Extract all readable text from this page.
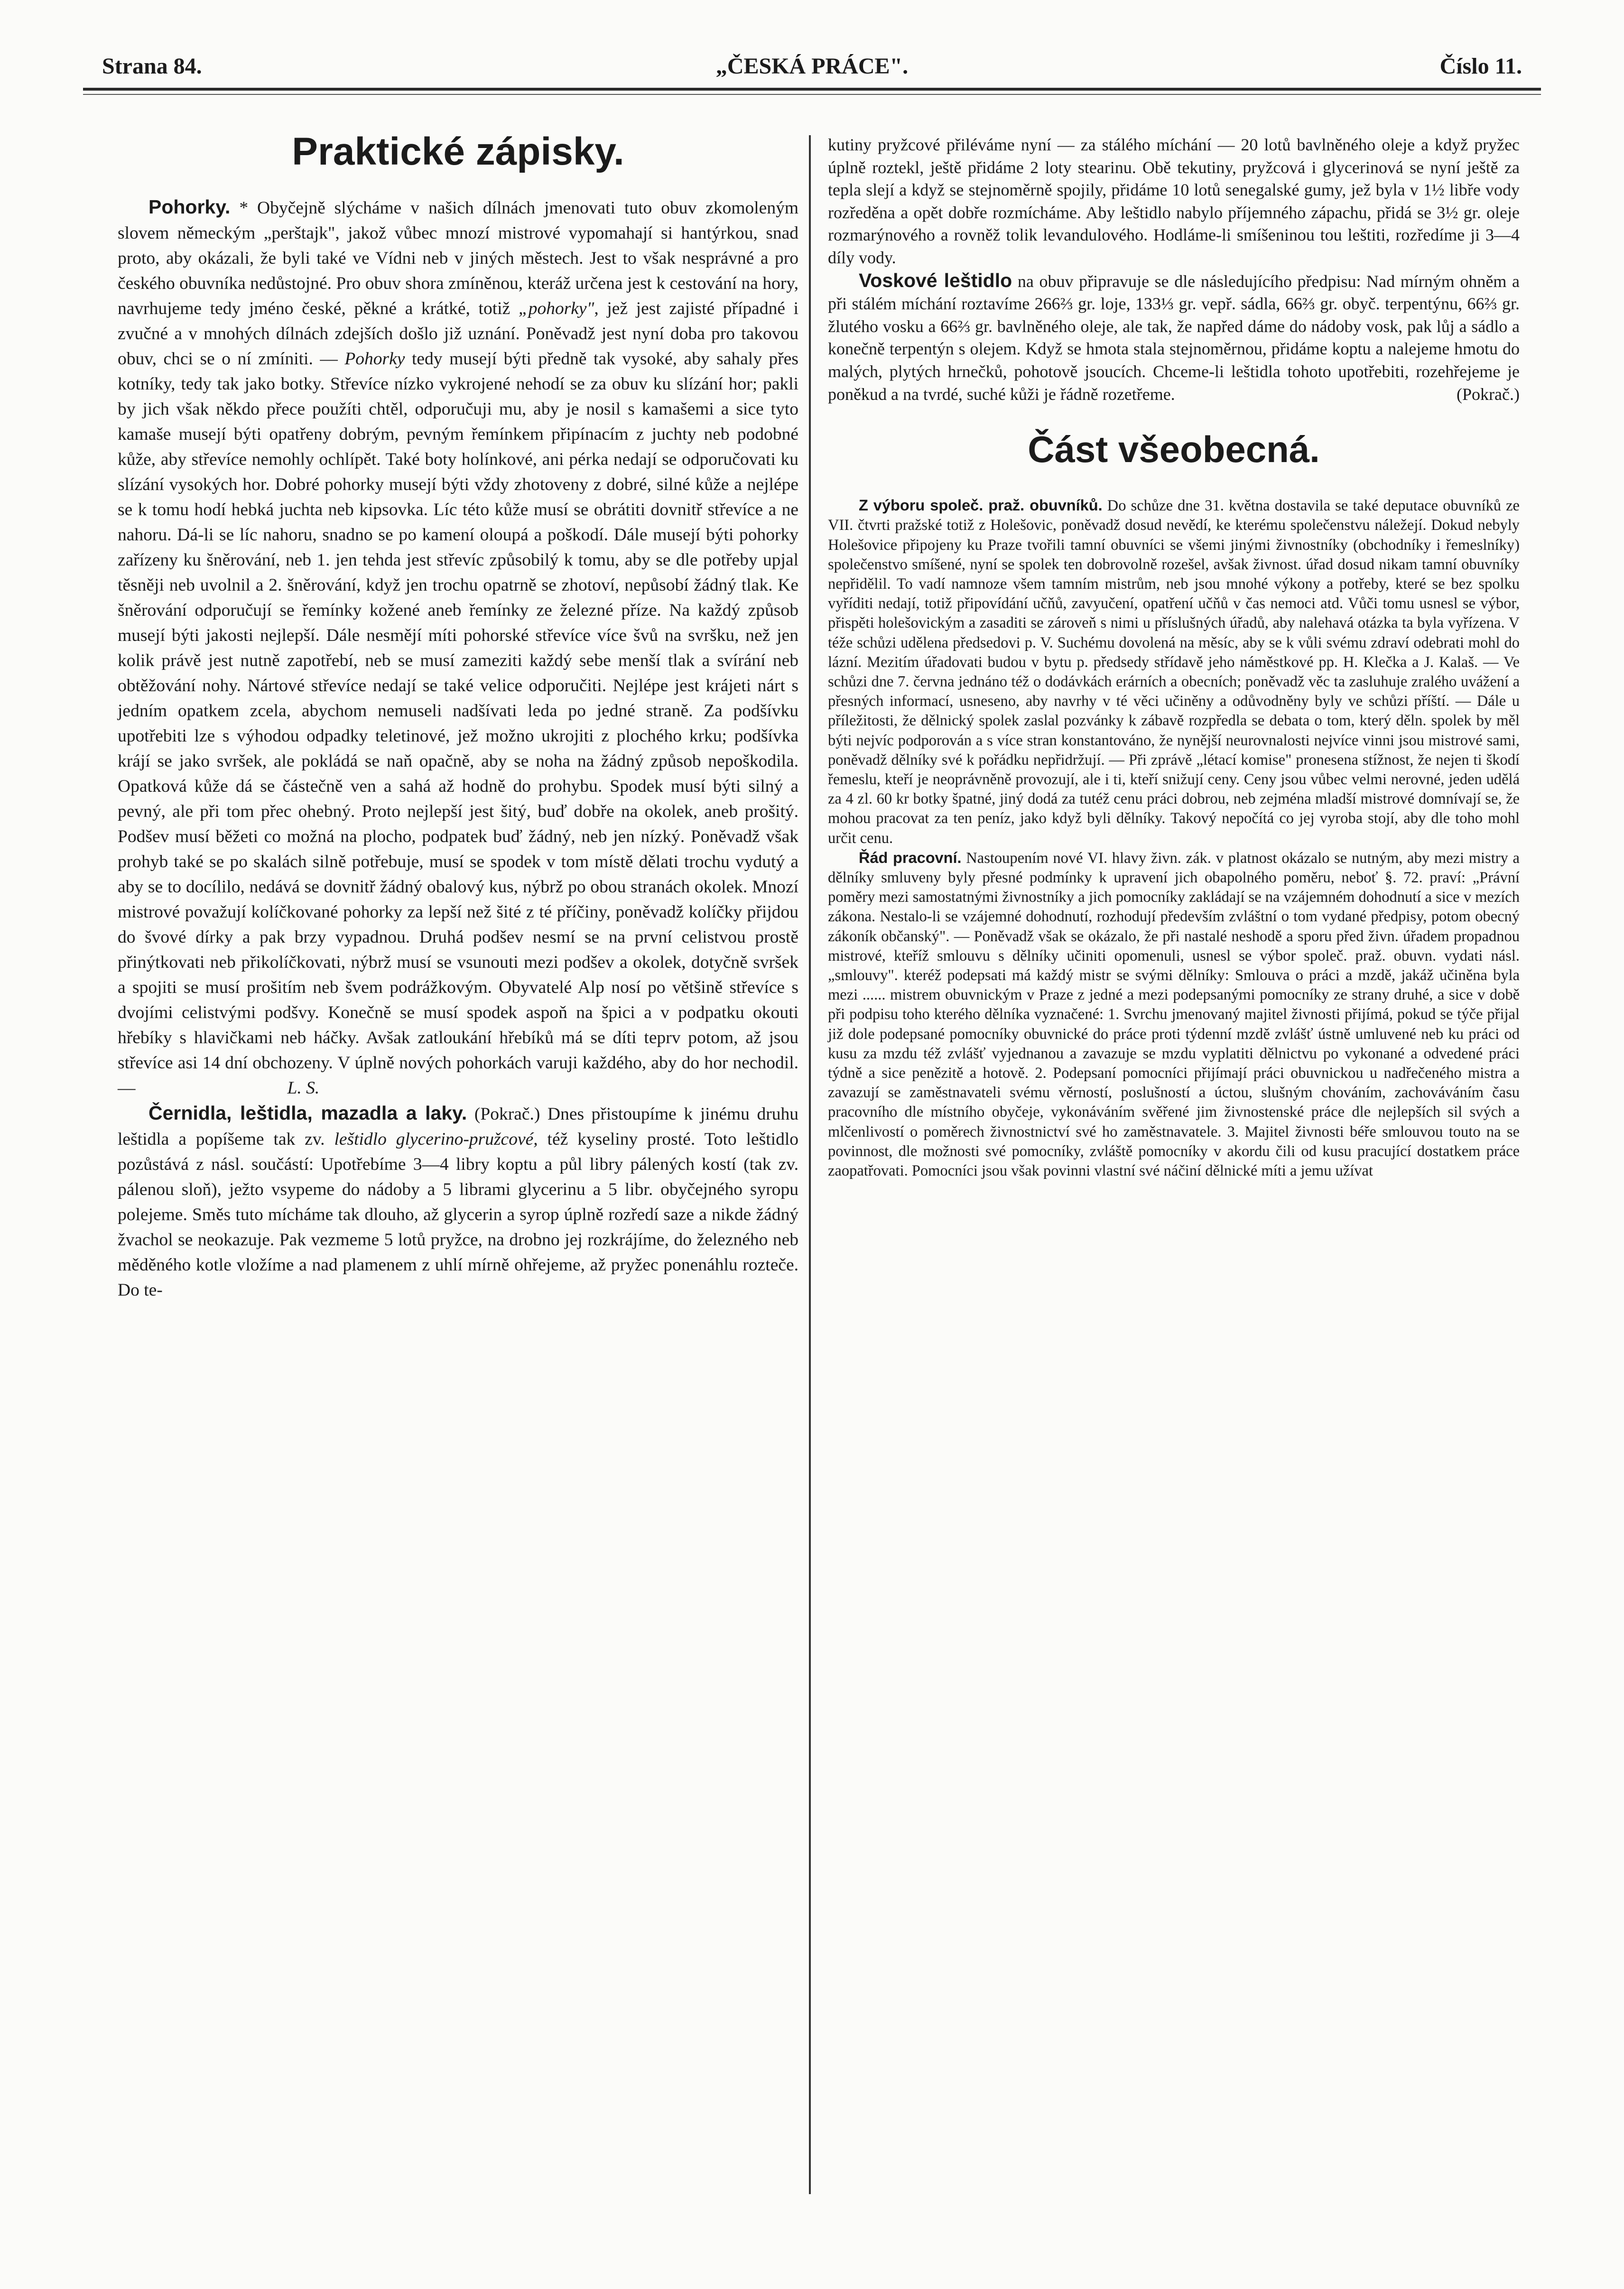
Strana 84.	„ČESKÁ PRÁCE".	Číslo 11.
Praktické zápisky.

Pohorky. * Obyčejně slýcháme v našich dílnách jmenovati tuto obuv zkomoleným slovem německým „perštajk", jakož vůbec mnozí mistrové vypomahají si hantýrkou, snad proto, aby okázali, že byli také ve Vídni neb v jiných městech. Jest to však nesprávné a pro českého obuvníka nedůstojné. Pro obuv shora zmíněnou, kteráž určena jest k cestování na hory, navrhujeme tedy jméno české, pěkné a krátké, totiž „pohorky", jež jest zajisté případné i zvučné a v mnohých dílnách zdejších došlo již uznání. Poněvadž jest nyní doba pro takovou obuv, chci se o ní zmíniti. — Pohorky tedy musejí býti předně tak vysoké, aby sahaly přes kotníky, tedy tak jako botky. Střevíce nízko vykrojené nehodí se za obuv ku slízání hor; pakli by jich však někdo přece použíti chtěl, odporučuji mu, aby je nosil s kamašemi a sice tyto kamaše musejí býti opatřeny dobrým, pevným řemínkem připínacím z juchty neb podobné kůže, aby střevíce nemohly ochlípět. Také boty holínkové, ani pérka nedají se odporučovati ku slízání vysokých hor. Dobré pohorky musejí býti vždy zhotoveny z dobré, silné kůže a nejlépe se k tomu hodí hebká juchta neb kipsovka. Líc této kůže musí se obrátiti dovnitř střevíce a ne nahoru. Dá-li se líc nahoru, snadno se po kamení oloupá a poškodí. Dále musejí býti pohorky zařízeny ku šněrování, neb 1. jen tehda jest střevíc způsobilý k tomu, aby se dle potřeby upjal těsněji neb uvolnil a 2. šněrování, když jen trochu opatrně se zhotoví, nepůsobí žádný tlak. Ke šněrování odporučují se řemínky kožené aneb řemínky ze železné příze. Na každý způsob musejí býti jakosti nejlepší. Dále nesmějí míti pohorské střevíce více švů na svršku, než jen kolik právě jest nutně zapotřebí, neb se musí zameziti každý sebe menší tlak a svírání neb obtěžování nohy. Nártové střevíce nedají se také velice odporučiti. Nejlépe jest krájeti nárt s jedním opatkem zcela, abychom nemuseli nadšívati leda po jedné straně. Za podšívku upotřebiti lze s výhodou odpadky teletinové, jež možno ukrojiti z plochého krku; podšívka krájí se jako svršek, ale pokládá se naň opačně, aby se noha na žádný způsob nepoškodila. Opatková kůže dá se částečně ven a sahá až hodně do prohybu. Spodek musí býti silný a pevný, ale při tom přec ohebný. Proto nejlepší jest šitý, buď dobře na okolek, aneb prošitý. Podšev musí běžeti co možná na plocho, podpatek buď žádný, neb jen nízký. Poněvadž však prohyb také se po skalách silně potřebuje, musí se spodek v tom místě dělati trochu vydutý a aby se to docílilo, nedává se dovnitř žádný obalový kus, nýbrž po obou stranách okolek. Mnozí mistrové považují kolíčkované pohorky za lepší než šité z té příčiny, poněvadž kolíčky přijdou do švové dírky a pak brzy vypadnou. Druhá podšev nesmí se na první celistvou prostě přinýtkovati neb přikolíčkovati, nýbrž musí se vsunouti mezi podšev a okolek, dotyčně svršek a spojiti se musí prošitím neb švem podrážkovým. Obyvatelé Alp nosí po většině střevíce s dvojími celistvými podšvy. Konečně se musí spodek aspoň na špici a v podpatku okouti hřebíky s hlavičkami neb háčky. Avšak zatloukání hřebíků má se díti teprv potom, až jsou střevíce asi 14 dní obchozeny. V úplně nových pohorkách varuji každého, aby do hor nechodil. —	L. S.

Černidla, leštidla, mazadla a laky. (Pokrač.) Dnes přistoupíme k jinému druhu leštidla a popíšeme tak zv. leštidlo glycerino-pružcové, též kyseliny prosté. Toto leštidlo pozůstává z násl. součástí: Upotřebíme 3—4 libry koptu a půl libry pálených kostí (tak zv. pálenou sloň), ježto vsypeme do nádoby a 5 librami glycerinu a 5 libr. obyčejného syropu polejeme. Směs tuto mícháme tak dlouho, až glycerin a syrop úplně rozředí saze a nikde žádný žvachol se neokazuje. Pak vezmeme 5 lotů pryžce, na drobno jej rozkrájíme, do železného neb měděného kotle vložíme a nad plamenem z uhlí mírně ohřejeme, až pryžec ponenáhlu roztеče. Do te-

kutiny pryžcové přiléváme nyní — za stálého míchání — 20 lotů bavlněného oleje a když pryžec úplně roztekl, ještě přidáme 2 loty stearinu. Obě tekutiny, pryžcová i glycerinová se nyní ještě za tepla slejí a když se stejnoměrně spojily, přidáme 10 lotů senegalské gumy, jež byla v 1½ libře vody rozředěna a opět dobře rozmícháme. Aby leštidlo nabylo příjemného zápachu, přidá se 3½ gr. oleje rozmarýnového a rovněž tolik levandulového. Hodláme-li smíšeninou tou leštiti, rozředíme ji 3—4 díly vody.

Voskové leštidlo na obuv připravuje se dle následujícího předpisu: Nad mírným ohněm a při stálém míchání roztavíme 266⅔ gr. loje, 133⅓ gr. vepř. sádla, 66⅔ gr. obyč. terpentýnu, 66⅔ gr. žlutého vosku a 66⅔ gr. bavlněného oleje, ale tak, že napřed dáme do nádoby vosk, pak lůj a sádlo a konečně terpentýn s olejem. Když se hmota stala stejnoměrnou, přidáme koptu a nalejeme hmotu do malých, plytých hrnečků, pohotově jsoucích. Chceme-li leštidla tohoto upotřebiti, rozehřejeme je poněkud a na tvrdé, suché kůži je řádně rozetřeme.	(Pokrač.)

Část všeobecná.

Z výboru společ. praž. obuvníků. Do schůze dne 31. května dostavila se také deputace obuvníků ze VII. čtvrti pražské totiž z Holešovic, poněvadž dosud nevědí, ke kterému společenstvu náležejí. Dokud nebyly Holešovice připojeny ku Praze tvořili tamní obuvníci se všemi jinými živnostníky (obchodníky i řemeslníky) společenstvo smíšené, nyní se spolek ten dobrovolně rozešel, avšak živnost. úřad dosud nikam tamní obuvníky nepřidělil. To vadí namnoze všem tamním mistrům, neb jsou mnohé výkony a potřeby, které se bez spolku vyříditi nedají, totiž připovídání učňů, zavyučení, opatření učňů v čas nemoci atd. Vůči tomu usnesl se výbor, přispěti holešovickým a zasaditi se zároveň s nimi u příslušných úřadů, aby nalehavá otázka ta byla vyřízena. V téže schůzi udělena předsedovi p. V. Suchému dovolená na měsíc, aby se k vůli svému zdraví odebrati mohl do lázní. Mezitím úřadovati budou v bytu p. předsedy střídavě jeho náměstkové pp. H. Klečka a J. Kalaš. — Ve schůzi dne 7. června jednáno též o dodávkách erárních a obecních; poněvadž věc ta zasluhuje zralého uvážení a přesných informací, usneseno, aby navrhy v té věci učiněny a odůvodněny byly ve schůzi příští. — Dále u příležitosti, že dělnický spolek zaslal pozvánky k zábavě rozpředla se debata o tom, který děln. spolek by měl býti nejvíc podporován a s více stran konstantováno, že nynější neurovnalosti nejvíce vinni jsou mistrové sami, poněvadž dělníky své k pořádku nepřidržují. — Při zprávě „létací komise" pronesena stížnost, že nejen ti škodí řemeslu, kteří je neoprávněně provozují, ale i ti, kteří snižují ceny. Ceny jsou vůbec velmi nerovné, jeden udělá za 4 zl. 60 kr botky špatné, jiný dodá za tutéž cenu práci dobrou, neb zejména mladší mistrové domnívají se, že mohou pracovat za ten peníz, jako když byli dělníky. Takový nepočítá co jej vyroba stojí, aby dle toho mohl určit cenu.

Řád pracovní. Nastoupením nové VI. hlavy živn. zák. v platnost okázalo se nutným, aby mezi mistry a dělníky smluveny byly přesné podmínky k upravení jich obapolného poměru, neboť §. 72. praví: „Právní poměry mezi samostatnými živnostníky a jich pomocníky zakládají se na vzájemném dohodnutí a sice v mezích zákona. Nestalo-li se vzájemné dohodnutí, rozhodují především zvláštní o tom vydané předpisy, potom obecný zákoník občanský". — Poněvadž však se okázalo, že při nastalé neshodě a sporu před živn. úřadem propadnou mistrové, kteříž smlouvu s dělníky učiniti opomenuli, usnesl se výbor společ. praž. obuvn. vydati násl. „smlouvy". kteréž podepsati má každý mistr se svými dělníky: Smlouva o práci a mzdě, jakáž učiněna byla mezi ...... mistrem obuvnickým v Praze z jedné a mezi podepsanými pomocníky ze strany druhé, a sice v době při podpisu toho kterého dělníka vyznačené: 1. Svrchu jmenovaný majitel živnosti přijímá, pokud se týče přijal již dole podepsané pomocníky obuvnické do práce proti týdenní mzdě zvlášť ústně umluvené neb ku práci od kusu za mzdu též zvlášť vyjednanou a zavazuje se mzdu vyplatiti dělnictvu po vykonané a odvedené práci týdně a sice penězitě a hotově. 2. Podepsaní pomocníci přijímají práci obuvnickou u nadřečeného mistra a zavazují se zaměstnavateli svému věrností, poslušností a úctou, slušným chováním, zachováváním času pracovního dle místního obyčeje, vykonáváním svěřené jim živnostenské práce dle nejlepších sil svých a mlčenlivostí o poměrech živnostnictví své ho zaměstnavatele. 3. Majitel živnosti béře smlouvou touto na se povinnost, dle možnosti své pomocníky, zvláště pomocníky v akordu čili od kusu pracující dostatkem práce zaopatřovati. Pomocníci jsou však povinni vlastní své náčiní dělnické míti a jemu užívat
